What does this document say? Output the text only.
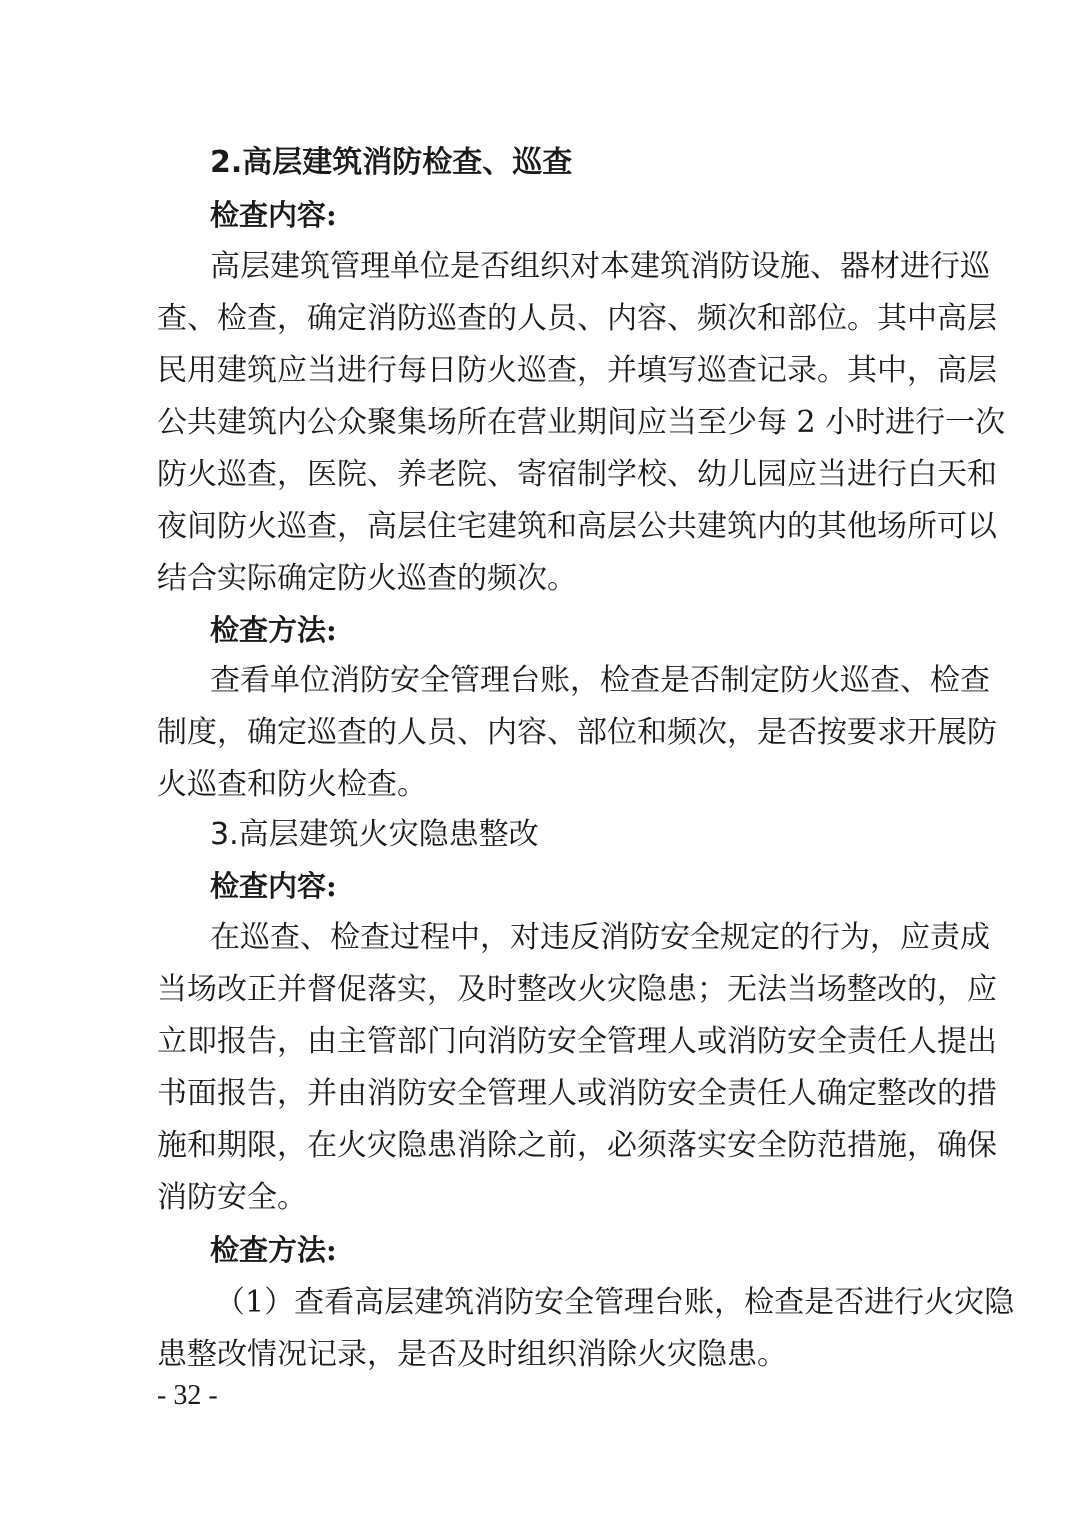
2.高层建筑消防检查、巡查
检查内容:
高层建筑管理单位是否组织对本建筑消防设施、器材进行巡
查、检查，确定消防巡查的人员、内容、频次和部位。其中高层
民用建筑应当进行每日防火巡查，并填写巡查记录。其中，高层
公共建筑内公众聚集场所在营业期间应当至少每 2 小时进行一次
防火巡查，医院、养老院、寄宿制学校、幼儿园应当进行白天和
夜间防火巡查，高层住宅建筑和高层公共建筑内的其他场所可以
结合实际确定防火巡查的频次。
检查方法:
查看单位消防安全管理台账，检查是否制定防火巡查、检查
制度，确定巡查的人员、内容、部位和频次，是否按要求开展防
火巡查和防火检查。
3.高层建筑火灾隐患整改
检查内容:
在巡查、检查过程中，对违反消防安全规定的行为，应责成
当场改正并督促落实，及时整改火灾隐患；无法当场整改的，应
立即报告，由主管部门向消防安全管理人或消防安全责任人提出
书面报告，并由消防安全管理人或消防安全责任人确定整改的措
施和期限，在火灾隐患消除之前，必须落实安全防范措施，确保
消防安全。
检查方法:
（1）查看高层建筑消防安全管理台账，检查是否进行火灾隐
患整改情况记录，是否及时组织消除火灾隐患。
- 32 -
